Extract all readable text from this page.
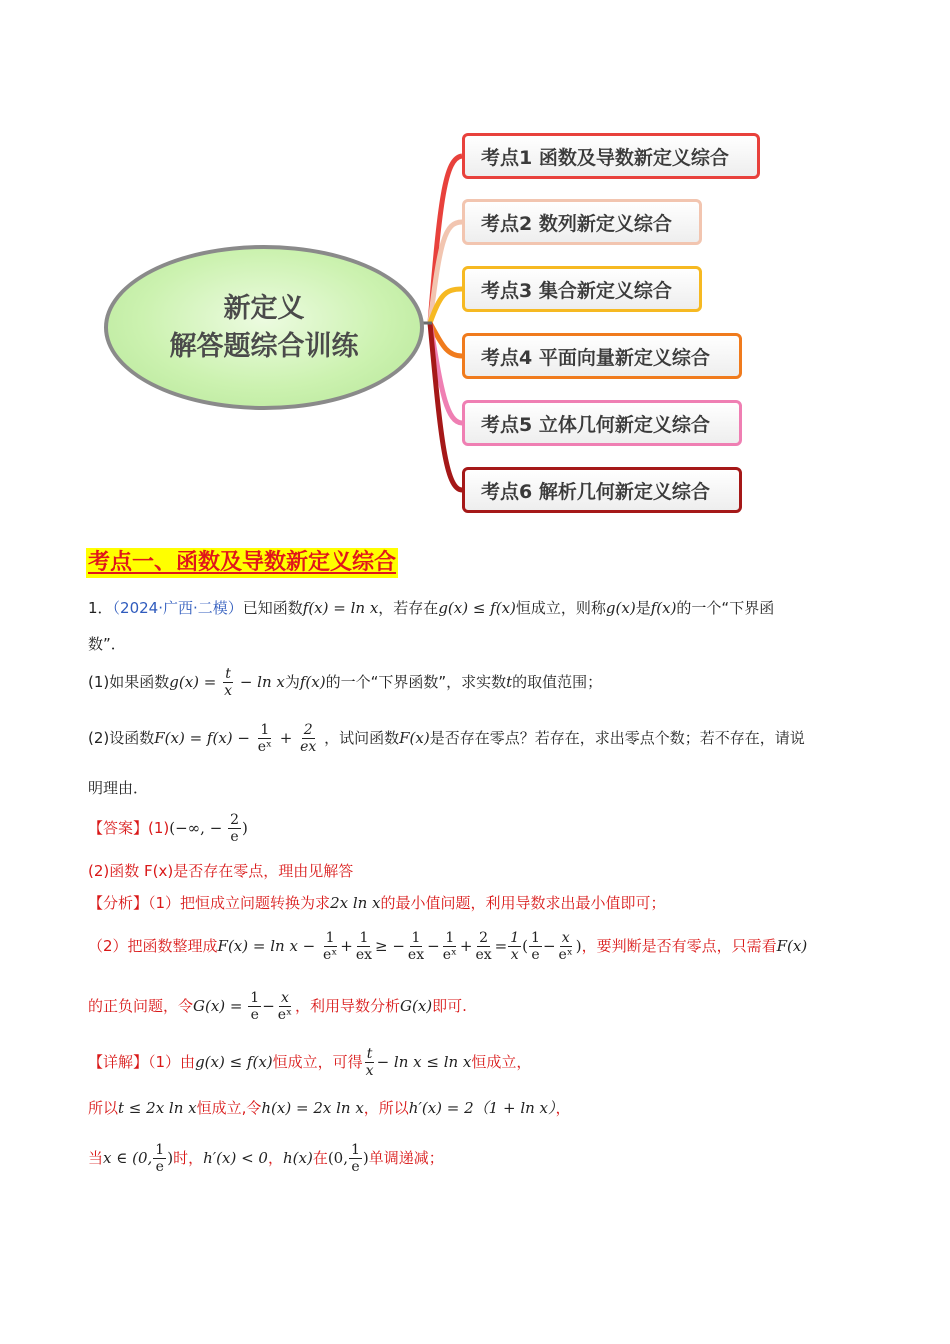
新定义
解答题综合训练
考点1 函数及导数新定义综合
考点2 数列新定义综合
考点3 集合新定义综合
考点4 平面向量新定义综合
考点5 立体几何新定义综合
考点6 解析几何新定义综合
考点一、函数及导数新定义综合
1．（2024·广西·二模）已知函数f(x) = ln x，若存在g(x) ≤ f(x)恒成立，则称g(x)是f(x)的一个“下界函
数”．
(1)如果函数$g(x) = \frac{t}{x} - \ln x$为f(x)的一个“下界函数”，求实数t的取值范围；
(2)设函数$F(x) = f(x) - \frac{1}{\text{eˣ}} + \frac{2}{ex}$ ，试问函数F(x)是否存在零点？若存在，求出零点个数；若不存在，请说
明理由．
【答案】(1)(−∞, − $\frac{2}{e}$ )
(2)函数 F(x)是否存在零点，理由见解答
【分析】（1）把恒成立问题转换为求2x ln x的最小值问题，利用导数求出最小值即可；
（2）把函数整理成$F(x) = \ln x - \frac{1}{\text{eˣ}} + \frac{1}{ex}$ ≥ − $\frac{1}{ex} - \frac{1}{\text{eˣ}} + \frac{2}{ex} = \frac{1}{x}$ ( $\frac{1}{e} - \frac{x}{\text{eˣ}}$ )，要判断是否有零点，只需看F(x)
的正负问题，令$G(x) = \frac{1}{e} - \frac{x}{\text{eˣ}}$ ，利用导数分析G(x)即可.
【详解】（1）由g(x) ≤ f(x)恒成立，可得 $\frac{t}{x} - \ln x \le \ln x$恒成立，
所以t ≤ 2x ln x恒成立,令h(x) = 2x ln x，所以h′(x) = 2（1 + ln x），
当x ∈ (0, $\frac{1}{e}$ )时，h′(x) < 0，h(x)在(0, $\frac{1}{e}$ )单调递减；
